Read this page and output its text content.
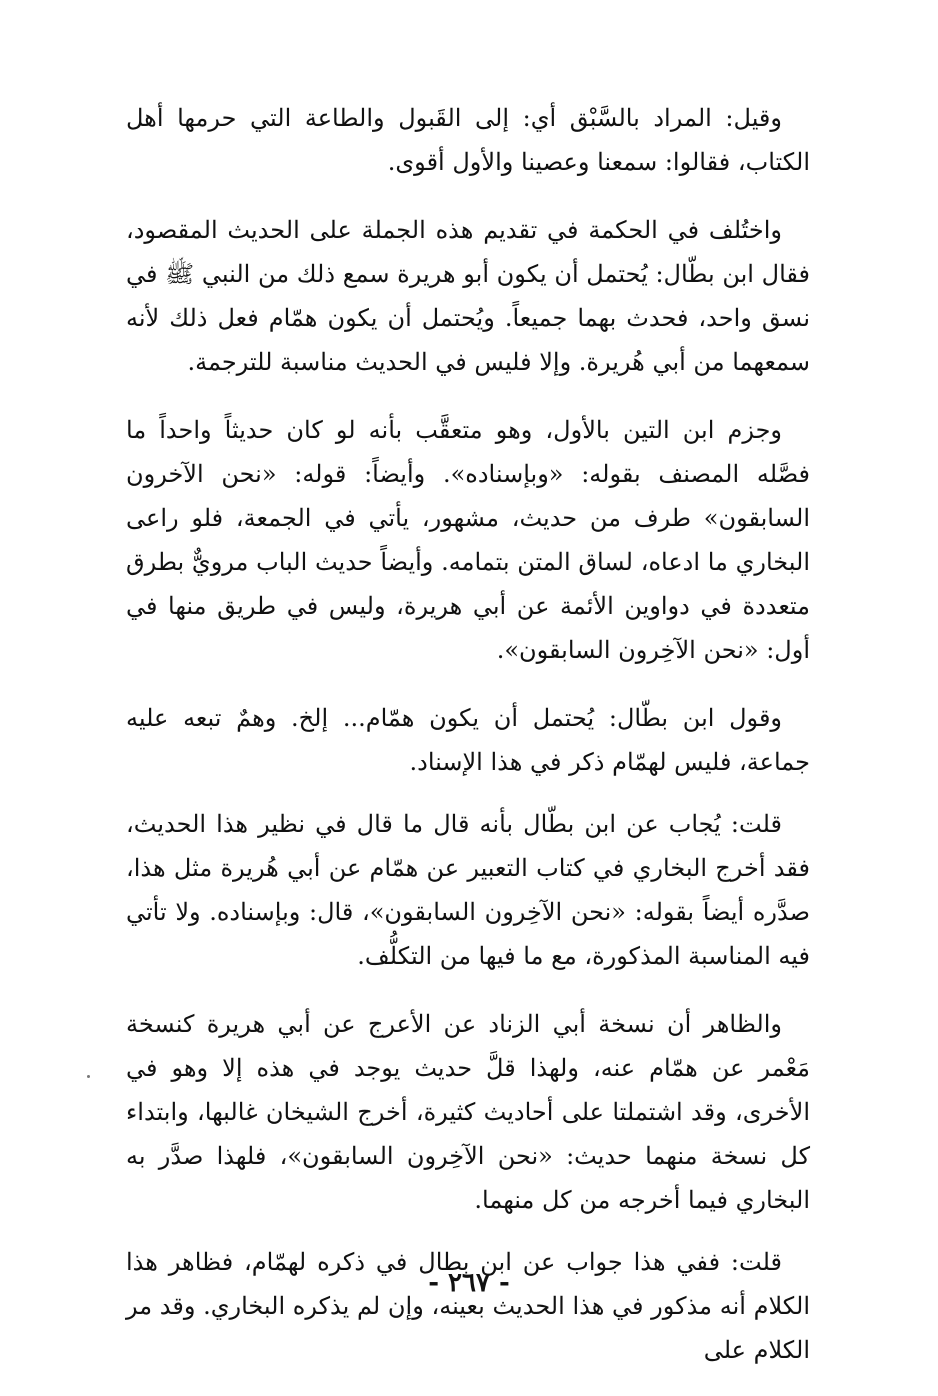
وقيل: المراد بالسَّبْق أي: إلى القَبول والطاعة التي حرمها أهل الكتاب، فقالوا: سمعنا وعصينا والأول أقوى.

واختُلف في الحكمة في تقديم هذه الجملة على الحديث المقصود، فقال ابن بطّال: يُحتمل أن يكون أبو هريرة سمع ذلك من النبي ﷺ في نسق واحد، فحدث بهما جميعاً. ويُحتمل أن يكون همّام فعل ذلك لأنه سمعهما من أبي هُريرة. وإلا فليس في الحديث مناسبة للترجمة.

وجزم ابن التين بالأول، وهو متعقَّب بأنه لو كان حديثاً واحداً ما فصَّله المصنف بقوله: «وبإسناده». وأيضاً: قوله: «نحن الآخرون السابقون» طرف من حديث، مشهور، يأتي في الجمعة، فلو راعى البخاري ما ادعاه، لساق المتن بتمامه. وأيضاً حديث الباب مرويٌّ بطرق متعددة في دواوين الأئمة عن أبي هريرة، وليس في طريق منها في أول: «نحن الآخِرون السابقون».

وقول ابن بطّال: يُحتمل أن يكون همّام... إلخ. وهمٌ تبعه عليه جماعة، فليس لهمّام ذكر في هذا الإسناد.

قلت: يُجاب عن ابن بطّال بأنه قال ما قال في نظير هذا الحديث، فقد أخرج البخاري في كتاب التعبير عن همّام عن أبي هُريرة مثل هذا، صدَّره أيضاً بقوله: «نحن الآخِرون السابقون»، قال: وبإسناده. ولا تأتي فيه المناسبة المذكورة، مع ما فيها من التكلُّف.

والظاهر أن نسخة أبي الزناد عن الأعرج عن أبي هريرة كنسخة مَعْمر عن همّام عنه، ولهذا قلَّ حديث يوجد في هذه إلا وهو في الأخرى، وقد اشتملتا على أحاديث كثيرة، أخرج الشيخان غالبها، وابتداء كل نسخة منهما حديث: «نحن الآخِرون السابقون»، فلهذا صدَّر به البخاري فيما أخرجه من كل منهما.

قلت: ففي هذا جواب عن ابن بطال في ذكره لهمّام، فظاهر هذا الكلام أنه مذكور في هذا الحديث بعينه، وإن لم يذكره البخاري. وقد مر الكلام على

- ٢٦٧ -
